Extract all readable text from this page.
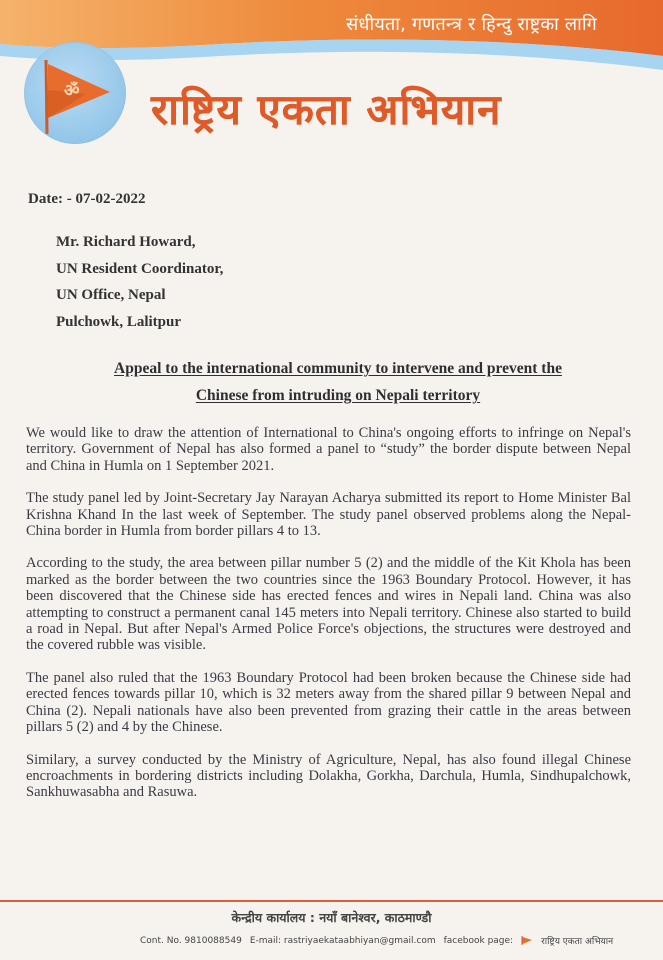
संधीयता, गणतन्त्र र हिन्दु राष्ट्रका लागि
ॐ राष्ट्रिय एकता अभियान
Date: - 07-02-2022
Mr. Richard Howard,
UN Resident Coordinator,
UN Office, Nepal
Pulchowk, Lalitpur
Appeal to the international community to intervene and prevent the
Chinese from intruding on Nepali territory

We would like to draw the attention of International to China's ongoing efforts to infringe on Nepal's territory. Government of Nepal has also formed a panel to “study” the border dispute between Nepal and China in Humla on 1 September 2021.

The study panel led by Joint-Secretary Jay Narayan Acharya submitted its report to Home Minister Bal Krishna Khand In the last week of September. The study panel observed problems along the Nepal-China border in Humla from border pillars 4 to 13.

According to the study, the area between pillar number 5 (2) and the middle of the Kit Khola has been marked as the border between the two countries since the 1963 Boundary Protocol. However, it has been discovered that the Chinese side has erected fences and wires in Nepali land. China was also attempting to construct a permanent canal 145 meters into Nepali territory. Chinese also started to build a road in Nepal. But after Nepal's Armed Police Force's objections, the structures were destroyed and the covered rubble was visible.

The panel also ruled that the 1963 Boundary Protocol had been broken because the Chinese side had erected fences towards pillar 10, which is 32 meters away from the shared pillar 9 between Nepal and China (2). Nepali nationals have also been prevented from grazing their cattle in the areas between pillars 5 (2) and 4 by the Chinese.

Similary, a survey conducted by the Ministry of Agriculture, Nepal, has also found illegal Chinese encroachments in bordering districts including Dolakha, Gorkha, Darchula, Humla, Sindhupalchowk, Sankhuwasabha and Rasuwa.

केन्द्रीय कार्यालय : नयाँ बानेश्वर, काठमाण्डौ
Cont. No. 9810088549 E-mail: rastriyaekataabhiyan@gmail.com facebook page:	राष्ट्रिय एकता अभियान
